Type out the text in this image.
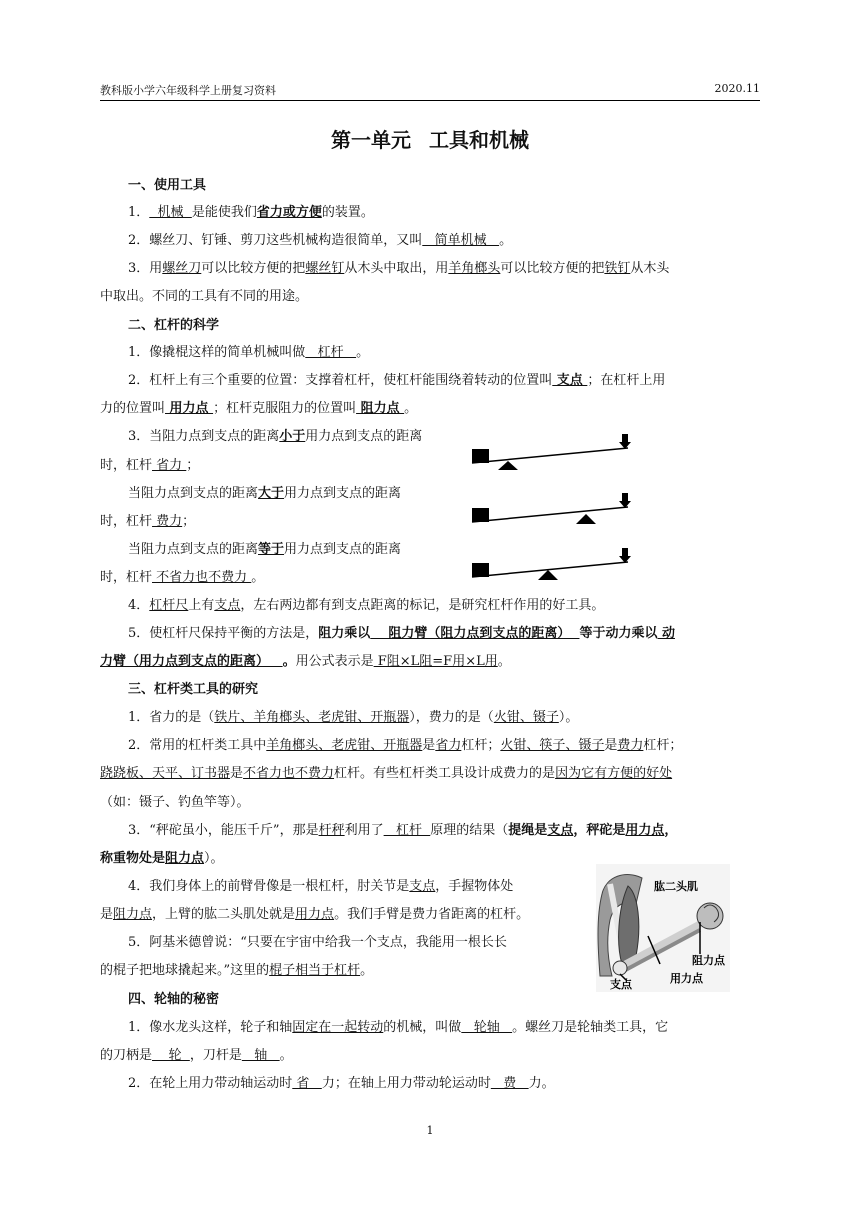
教科版小学六年级科学上册复习资料	2020.11
第一单元 工具和机械
一、使用工具
1．  机械  是能使我们省力或方便的装置。
2．螺丝刀、钉锤、剪刀这些机械构造很简单，又叫   简单机械   。
3．用螺丝刀可以比较方便的把螺丝钉从木头中取出，用羊角榔头可以比较方便的把铁钉从木头
中取出。不同的工具有不同的用途。
二、杠杆的科学
1．像撬棍这样的简单机械叫做   杠杆   。
2．杠杆上有三个重要的位置：支撑着杠杆，使杠杆能围绕着转动的位置叫 支点 ；在杠杆上用
力的位置叫 用力点 ；杠杆克服阻力的位置叫 阻力点 。
3．当阻力点到支点的距离小于用力点到支点的距离
时，杠杆 省力 ；
当阻力点到支点的距离大于用力点到支点的距离
时，杠杆 费力；
当阻力点到支点的距离等于用力点到支点的距离
时，杠杆 不省力也不费力 。
4．杠杆尺上有支点，左右两边都有到支点距离的标记，是研究杠杆作用的好工具。
5．使杠杆尺保持平衡的方法是，阻力乘以    阻力臂（阻力点到支点的距离）  等于动力乘以 动
力臂（用力点到支点的距离）   。用公式表示是 F阻×L阻=F用×L用。
三、杠杆类工具的研究
1．省力的是（铁片、羊角榔头、老虎钳、开瓶器），费力的是（火钳、镊子）。
2．常用的杠杆类工具中羊角榔头、老虎钳、开瓶器是省力杠杆；火钳、筷子、镊子是费力杠杆；
跷跷板、天平、订书器是不省力也不费力杠杆。有些杠杆类工具设计成费力的是因为它有方便的好处
（如：镊子、钓鱼竿等）。
3．“秤砣虽小，能压千斤”，那是杆秤利用了   杠杆  原理的结果（提绳是支点，秤砣是用力点，
称重物处是阻力点）。
4．我们身体上的前臂骨像是一根杠杆，肘关节是支点，手握物体处
是阻力点，上臂的肱二头肌处就是用力点。我们手臂是费力省距离的杠杆。
5．阿基米德曾说：“只要在宇宙中给我一个支点，我能用一根长长
的棍子把地球撬起来。”这里的棍子相当于杠杆。
肱二头肌
阻力点
支点	用力点
四、轮轴的秘密
1．像水龙头这样，轮子和轴固定在一起转动的机械，叫做   轮轴   。螺丝刀是轮轴类工具，它
的刀柄是    轮  ，刀杆是   轴   。
2．在轮上用力带动轴运动时 省   力；在轴上用力带动轮运动时   费   力。
1
